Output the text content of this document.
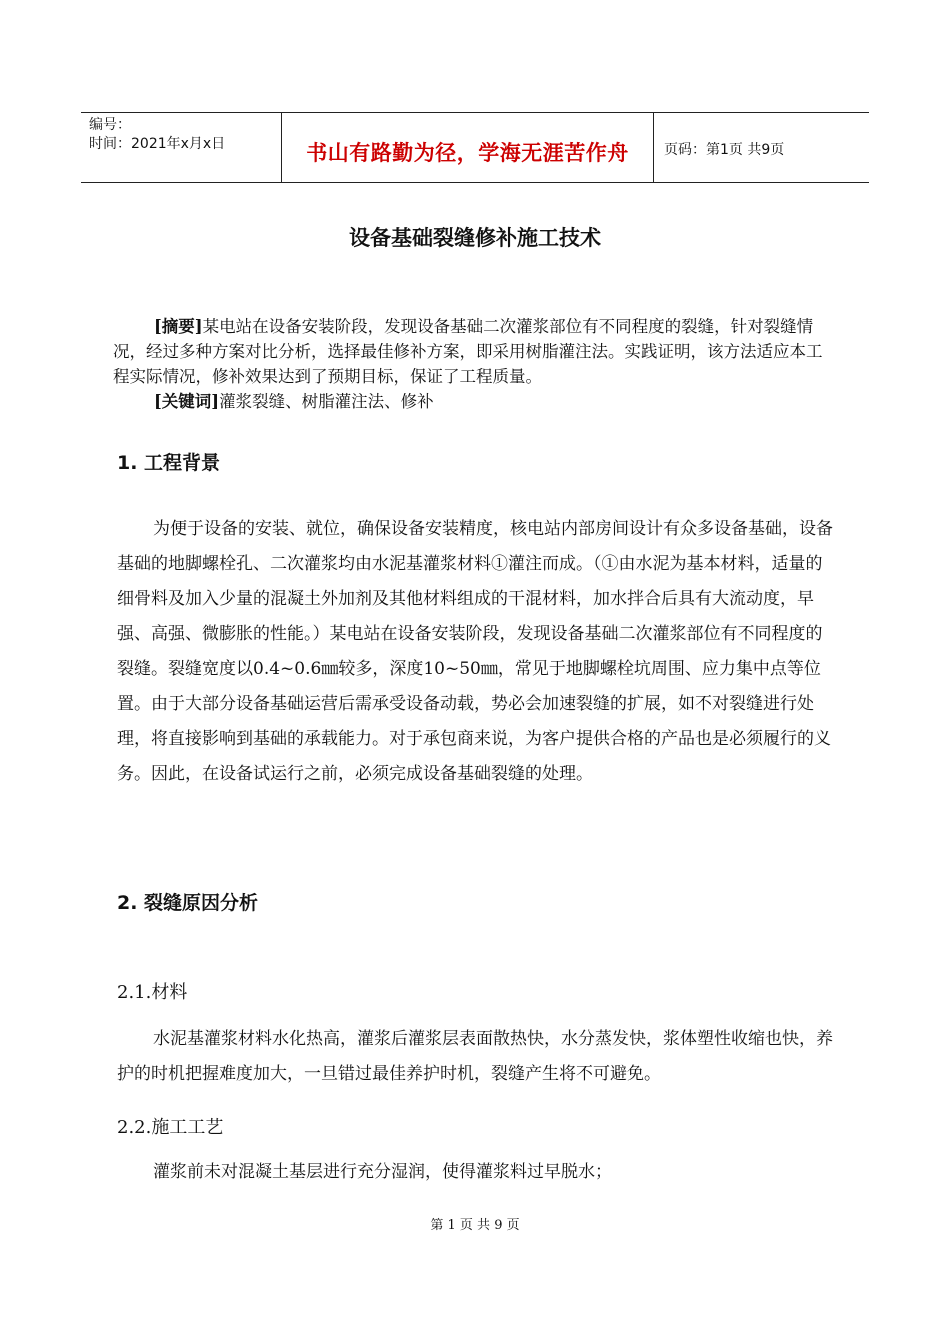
编号：
时间：2021年x月x日	书山有路勤为径，学海无涯苦作舟	页码：第1页 共9页
设备基础裂缝修补施工技术

[摘要]某电站在设备安装阶段，发现设备基础二次灌浆部位有不同程度的裂缝，针对裂缝情况，经过多种方案对比分析，选择最佳修补方案，即采用树脂灌注法。实践证明，该方法适应本工程实际情况，修补效果达到了预期目标，保证了工程质量。

[关键词]灌浆裂缝、树脂灌注法、修补

1. 工程背景

为便于设备的安装、就位，确保设备安装精度，核电站内部房间设计有众多设备基础，设备基础的地脚螺栓孔、二次灌浆均由水泥基灌浆材料①灌注而成。（①由水泥为基本材料，适量的细骨料及加入少量的混凝土外加剂及其他材料组成的干混材料，加水拌合后具有大流动度，早强、高强、微膨胀的性能。）某电站在设备安装阶段，发现设备基础二次灌浆部位有不同程度的裂缝。裂缝宽度以0.4~0.6㎜较多，深度10~50㎜，常见于地脚螺栓坑周围、应力集中点等位置。由于大部分设备基础运营后需承受设备动载，势必会加速裂缝的扩展，如不对裂缝进行处理，将直接影响到基础的承载能力。对于承包商来说，为客户提供合格的产品也是必须履行的义务。因此，在设备试运行之前，必须完成设备基础裂缝的处理。

2. 裂缝原因分析
2.1.材料

水泥基灌浆材料水化热高，灌浆后灌浆层表面散热快，水分蒸发快，浆体塑性收缩也快，养护的时机把握难度加大，一旦错过最佳养护时机，裂缝产生将不可避免。

2.2.施工工艺

灌浆前未对混凝土基层进行充分湿润，使得灌浆料过早脱水；

第 1 页 共 9 页
